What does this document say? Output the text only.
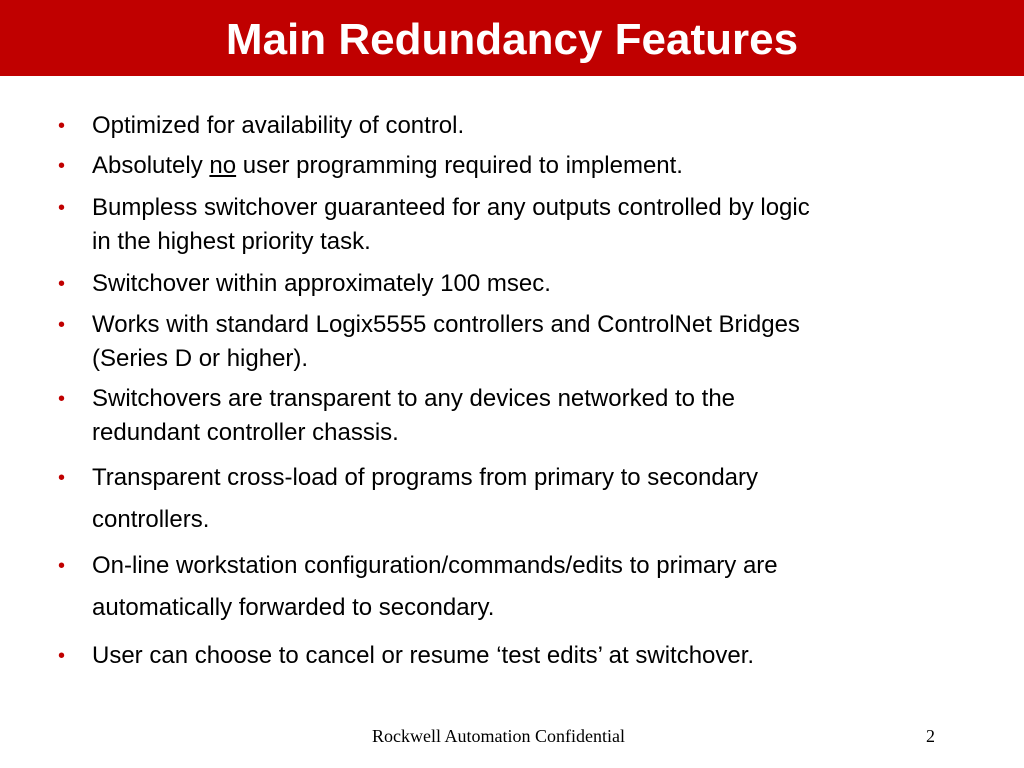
Main Redundancy Features
• Optimized for availability of control.
• Absolutely no user programming required to implement.
• Bumpless switchover guaranteed for any outputs controlled by logic
in the highest priority task.
• Switchover within approximately 100 msec.
• Works with standard Logix5555 controllers and ControlNet Bridges
(Series D or higher).
• Switchovers are transparent to any devices networked to the
redundant controller chassis.
• Transparent cross-load of programs from primary to secondary
controllers.
• On-line workstation configuration/commands/edits to primary are
automatically forwarded to secondary.
• User can choose to cancel or resume ‘test edits’ at switchover.
Rockwell Automation Confidential	2
